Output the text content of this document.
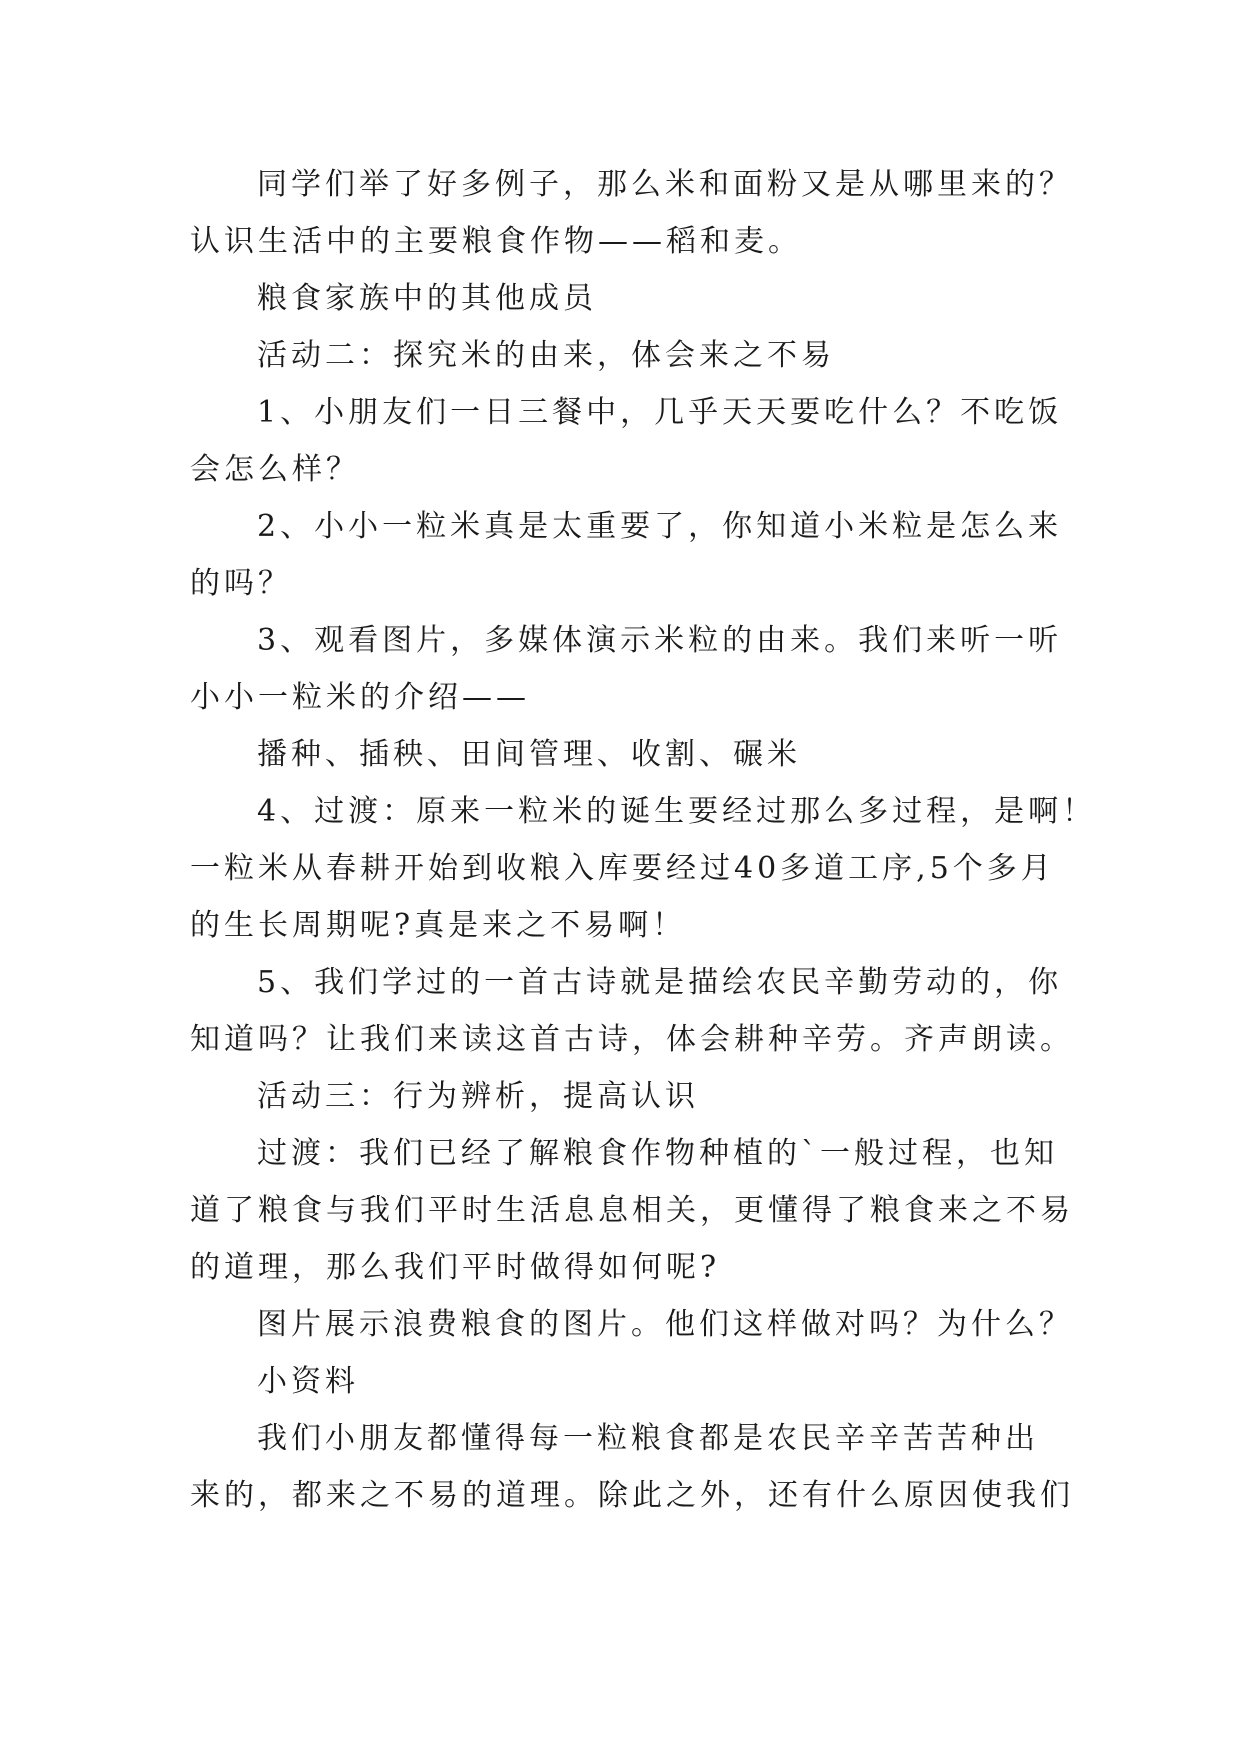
同学们举了好多例子，那么米和面粉又是从哪里来的？
认识生活中的主要粮食作物——稻和麦。
粮食家族中的其他成员
活动二：探究米的由来，体会来之不易
1、小朋友们一日三餐中，几乎天天要吃什么？不吃饭
会怎么样？
2、小小一粒米真是太重要了，你知道小米粒是怎么来
的吗？
3、观看图片，多媒体演示米粒的由来。我们来听一听
小小一粒米的介绍——
播种、插秧、田间管理、收割、碾米
4、过渡：原来一粒米的诞生要经过那么多过程，是啊！
一粒米从春耕开始到收粮入库要经过40多道工序,5个多月
的生长周期呢?真是来之不易啊！
5、我们学过的一首古诗就是描绘农民辛勤劳动的，你
知道吗？让我们来读这首古诗，体会耕种辛劳。齐声朗读。
活动三：行为辨析，提高认识
过渡：我们已经了解粮食作物种植的`一般过程，也知
道了粮食与我们平时生活息息相关，更懂得了粮食来之不易
的道理，那么我们平时做得如何呢?
图片展示浪费粮食的图片。他们这样做对吗？为什么？
小资料
我们小朋友都懂得每一粒粮食都是农民辛辛苦苦种出
来的，都来之不易的道理。除此之外，还有什么原因使我们
